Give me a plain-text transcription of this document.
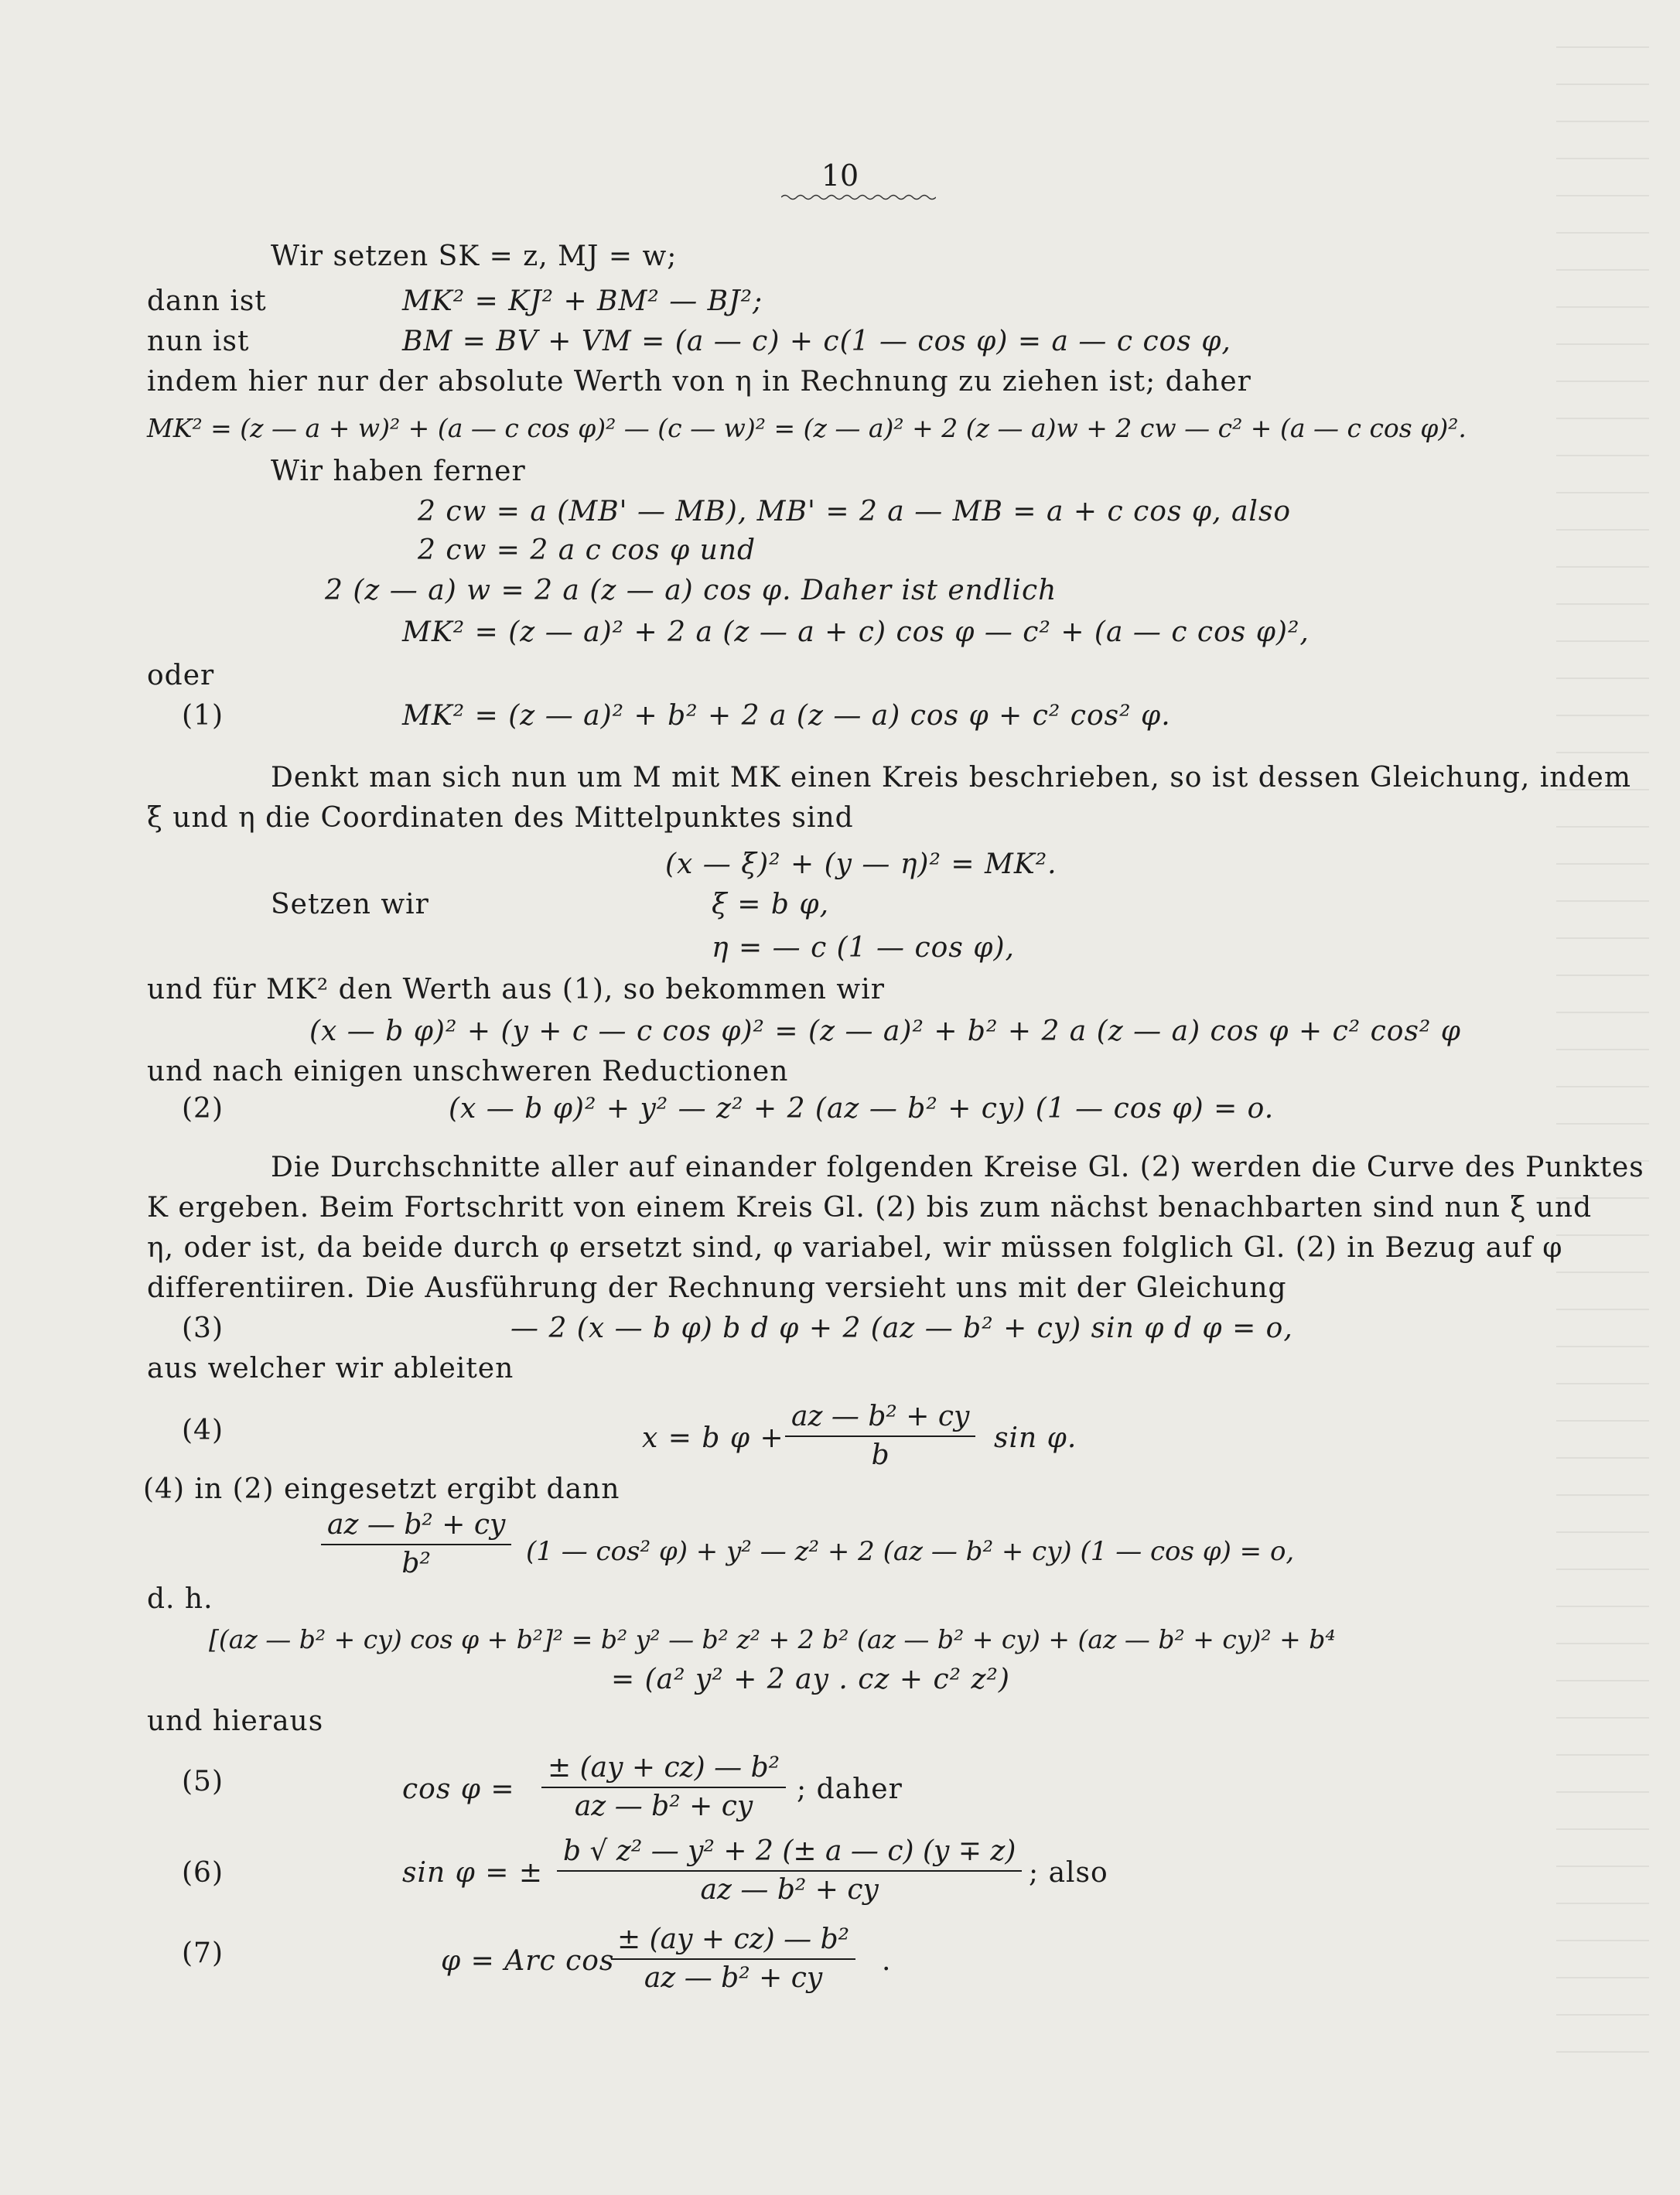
10
Wir setzen SK = z, MJ = w;
dann ist	MK² = KJ² + BM² — BJ²;
nun ist	BM = BV + VM = (a — c) + c(1 — cos φ) = a — c cos φ,
indem hier nur der absolute Werth von η in Rechnung zu ziehen ist; daher
MK² = (z — a + w)² + (a — c cos φ)² — (c — w)² = (z — a)² + 2 (z — a)w + 2 cw — c² + (a — c cos φ)².
Wir haben ferner
2 cw = a (MB' — MB), MB' = 2 a — MB = a + c cos φ, also
2 cw = 2 a c cos φ und
2 (z — a) w = 2 a (z — a) cos φ. Daher ist endlich
MK² = (z — a)² + 2 a (z — a + c) cos φ — c² + (a — c cos φ)²,
oder
(1)	MK² = (z — a)² + b² + 2 a (z — a) cos φ + c² cos² φ.
Denkt man sich nun um M mit MK einen Kreis beschrieben, so ist dessen Gleichung, indem
ξ und η die Coordinaten des Mittelpunktes sind
(x — ξ)² + (y — η)² = MK².
Setzen wir	ξ = b φ,
η = — c (1 — cos φ),
und für MK² den Werth aus (1), so bekommen wir
(x — b φ)² + (y + c — c cos φ)² = (z — a)² + b² + 2 a (z — a) cos φ + c² cos² φ
und nach einigen unschweren Reductionen
(2)	(x — b φ)² + y² — z² + 2 (az — b² + cy) (1 — cos φ) = o.
Die Durchschnitte aller auf einander folgenden Kreise Gl. (2) werden die Curve des Punktes
K ergeben. Beim Fortschritt von einem Kreis Gl. (2) bis zum nächst benachbarten sind nun ξ und
η, oder ist, da beide durch φ ersetzt sind, φ variabel, wir müssen folglich Gl. (2) in Bezug auf φ
differentiiren. Die Ausführung der Rechnung versieht uns mit der Gleichung
(3)	— 2 (x — b φ) b d φ + 2 (az — b² + cy) sin φ d φ = o,
aus welcher wir ableiten
(4)	x = b φ +
az — b² + cy
b
sin φ.
(4) in (2) eingesetzt ergibt dann
az — b² + cy
b²	(1 — cos² φ) + y² — z² + 2 (az — b² + cy) (1 — cos φ) = o,
d. h.
[(az — b² + cy) cos φ + b²]² = b² y² — b² z² + 2 b² (az — b² + cy) + (az — b² + cy)² + b⁴
= (a² y² + 2 ay . cz + c² z²)
und hieraus
(5)	cos φ =
± (ay + cz) — b²
az — b² + cy
; daher
(6)	sin φ = ±
b √ z² — y² + 2 (± a — c) (y ∓ z)
az — b² + cy
; also
(7)	φ = Arc cos
± (ay + cz) — b²
az — b² + cy
.
